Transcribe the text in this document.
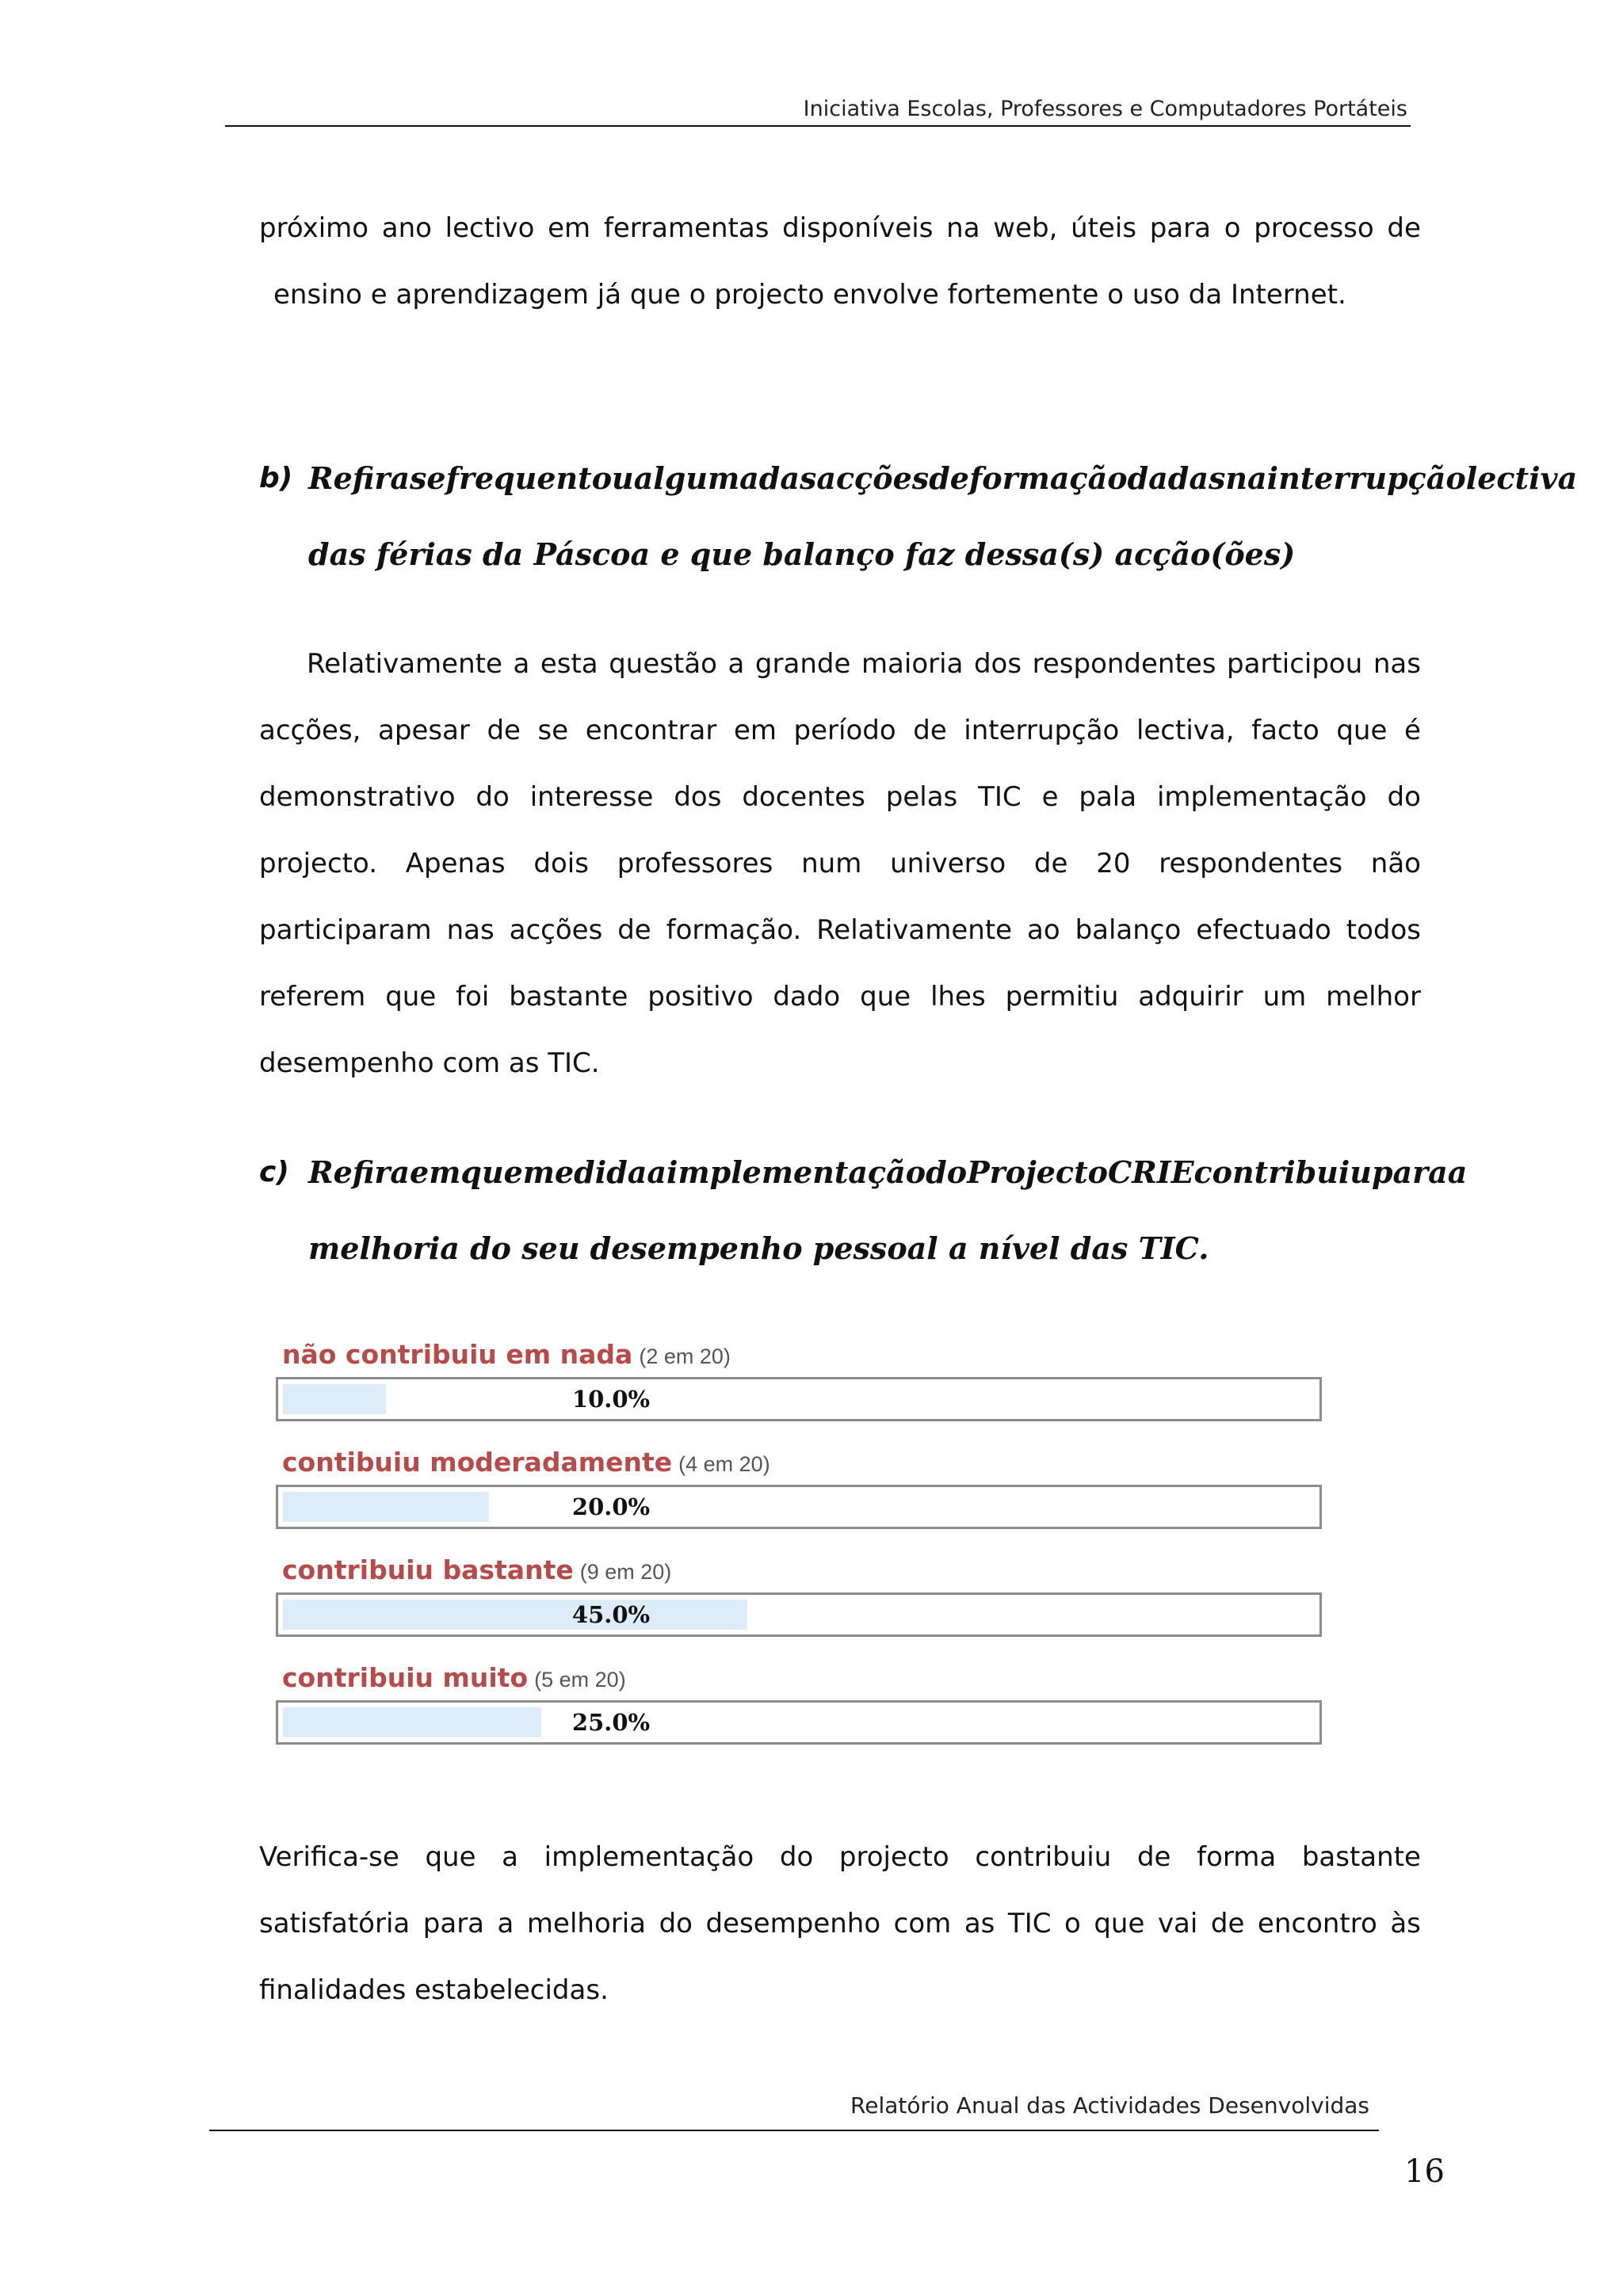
Iniciativa Escolas, Professores e Computadores Portáteis
próximo ano lectivo em ferramentas disponíveis na web, úteis para o processo de
ensino e aprendizagem já que o projecto envolve fortemente o uso da Internet.
b) Refira se frequentou alguma das acções de formação dadas na interrupção lectiva
das férias da Páscoa e que balanço faz dessa(s) acção(ões)
Relativamente a esta questão a grande maioria dos respondentes participou nas
acções, apesar de se encontrar em período de interrupção lectiva, facto que é
demonstrativo do interesse dos docentes pelas TIC e pala implementação do
projecto. Apenas dois professores num universo de 20 respondentes não
participaram nas acções de formação. Relativamente ao balanço efectuado todos
referem que foi bastante positivo dado que lhes permitiu adquirir um melhor
desempenho com as TIC.
c) Refira em que medida a implementação do Projecto CRIE contribuiu para a
melhoria do seu desempenho pessoal a nível das TIC.
não contribuiu em nada (2 em 20)
10.0%
contibuiu moderadamente (4 em 20)
20.0%
contribuiu bastante (9 em 20)
45.0%
contribuiu muito (5 em 20)
25.0%
Verifica-se que a implementação do projecto contribuiu de forma bastante
satisfatória para a melhoria do desempenho com as TIC o que vai de encontro às
finalidades estabelecidas.
Relatório Anual das Actividades Desenvolvidas
16
